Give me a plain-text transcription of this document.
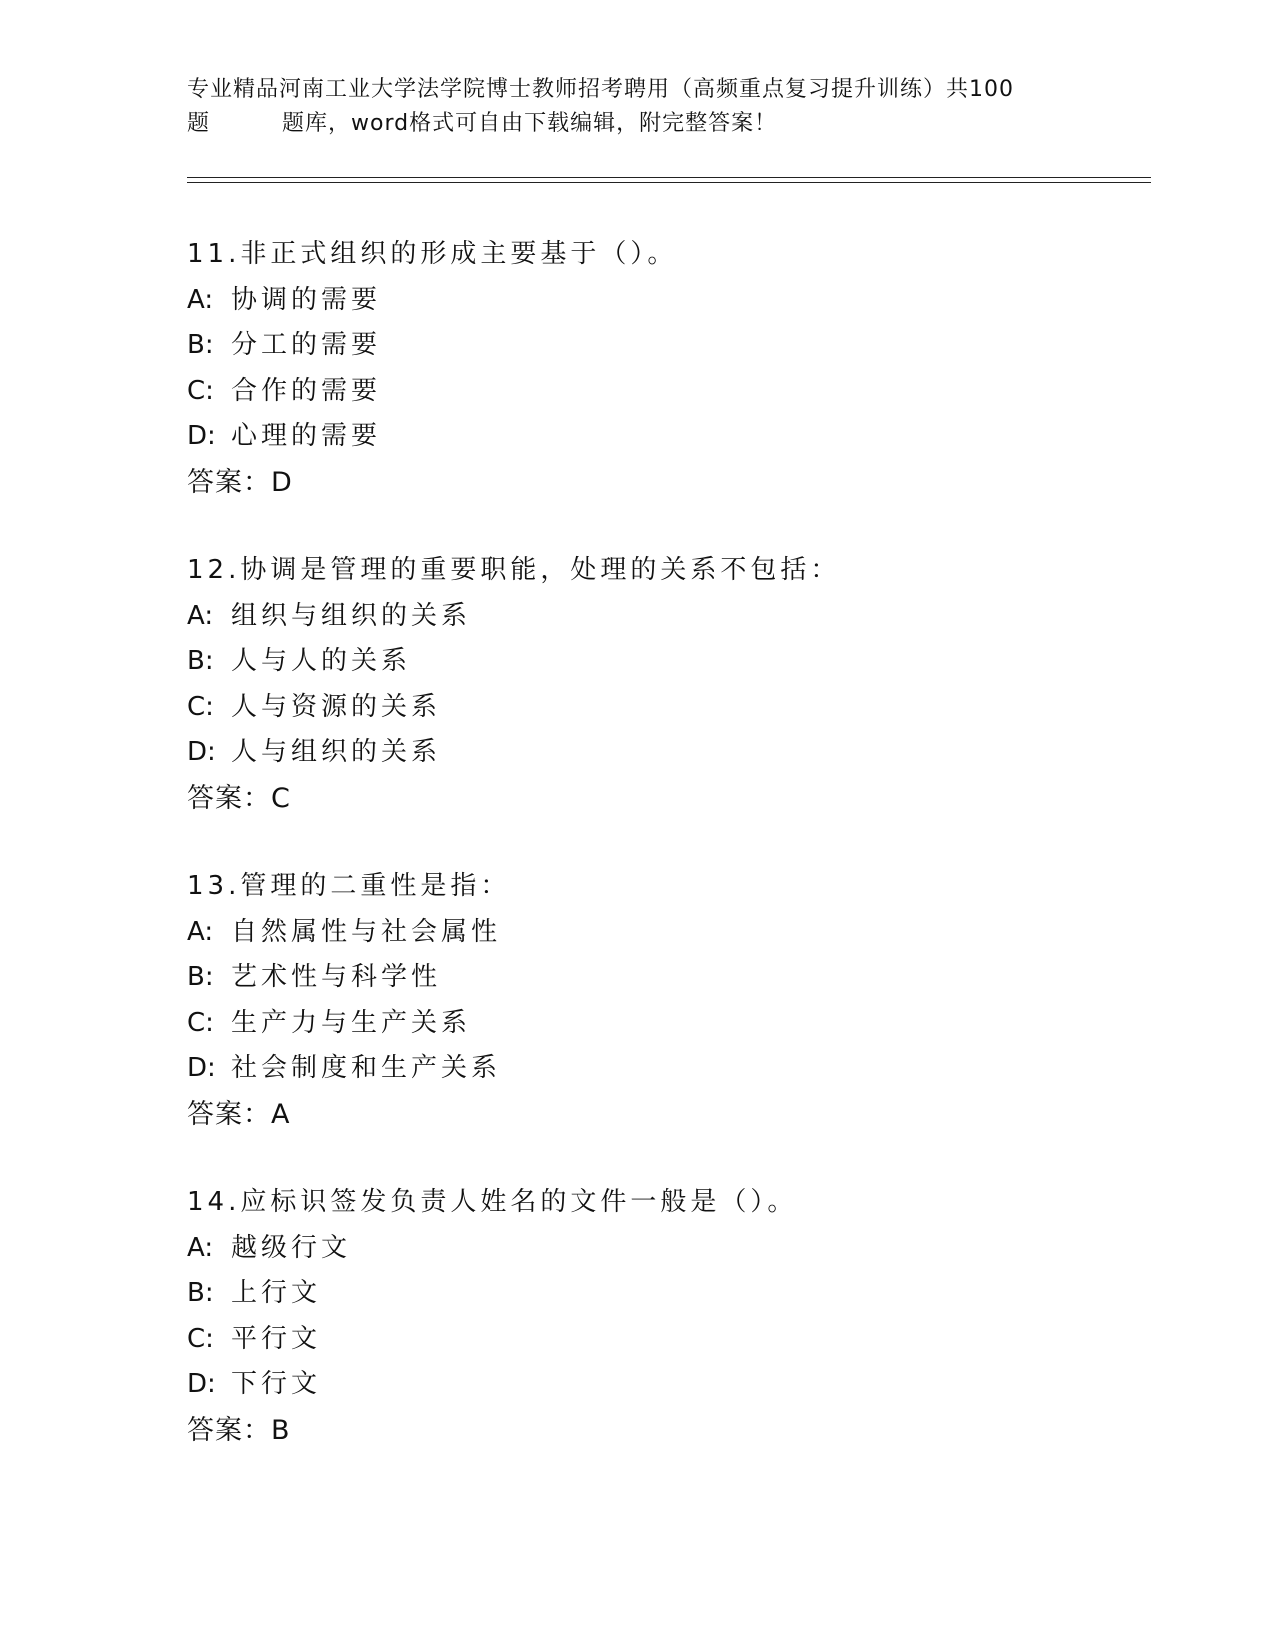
专业精品河南工业大学法学院博士教师招考聘用（高频重点复习提升训练）共100
题	题库，word格式可自由下载编辑，附完整答案！
11.非正式组织的形成主要基于（）。
A: 协调的需要
B: 分工的需要
C: 合作的需要
D: 心理的需要
答案：D
12.协调是管理的重要职能，处理的关系不包括：
A: 组织与组织的关系
B: 人与人的关系
C: 人与资源的关系
D: 人与组织的关系
答案：C
13.管理的二重性是指：
A: 自然属性与社会属性
B: 艺术性与科学性
C: 生产力与生产关系
D: 社会制度和生产关系
答案：A
14.应标识签发负责人姓名的文件一般是（）。
A: 越级行文
B: 上行文
C: 平行文
D: 下行文
答案：B
